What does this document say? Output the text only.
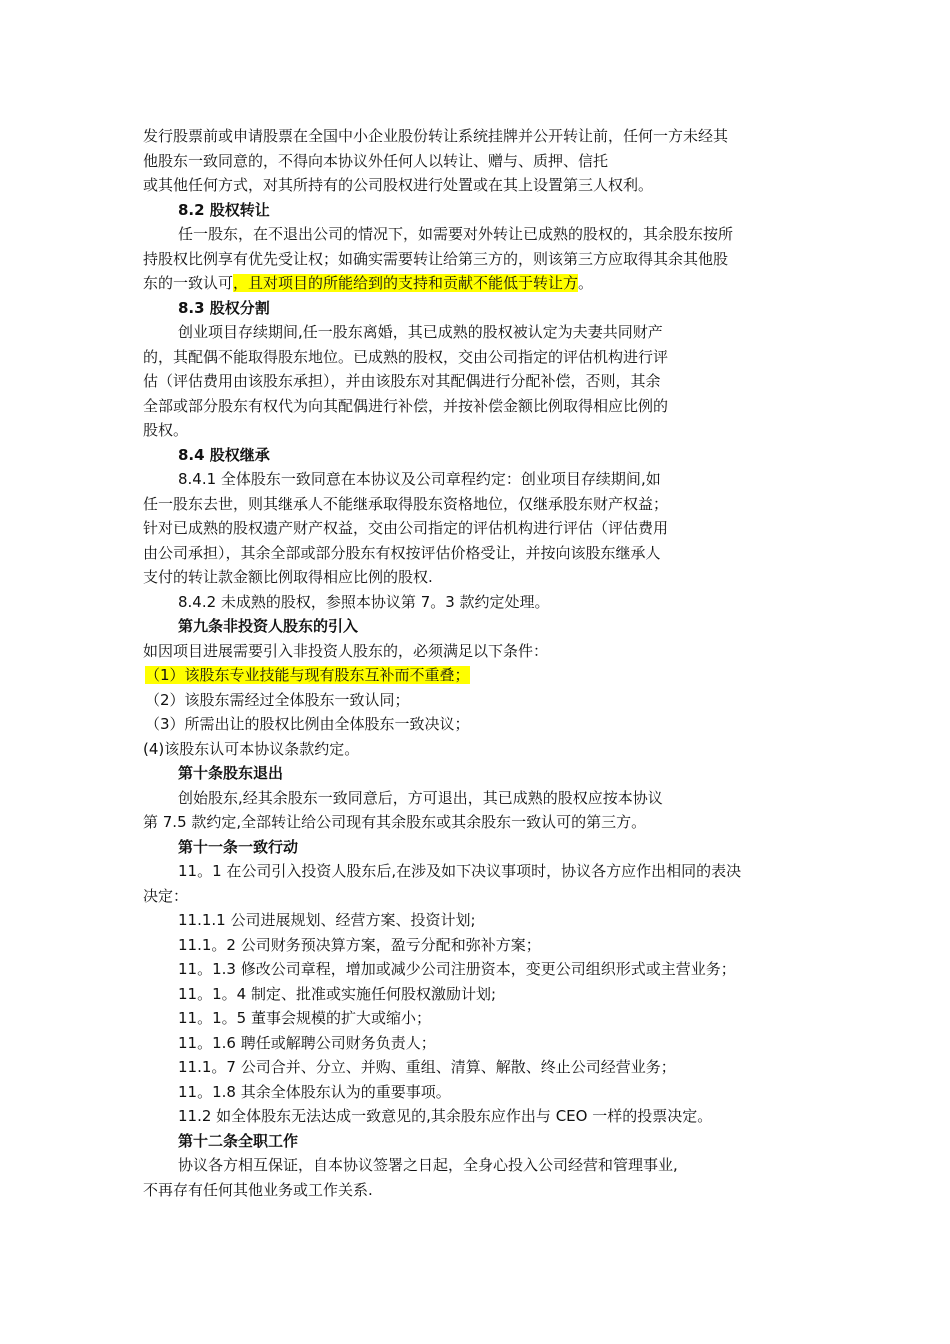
发行股票前或申请股票在全国中小企业股份转让系统挂牌并公开转让前，任何一方未经其
他股东一致同意的，不得向本协议外任何人以转让、赠与、质押、信托
或其他任何方式，对其所持有的公司股权进行处置或在其上设置第三人权利。
8.2 股权转让
任一股东，在不退出公司的情况下，如需要对外转让已成熟的股权的，其余股东按所
持股权比例享有优先受让权；如确实需要转让给第三方的，则该第三方应取得其余其他股
东的一致认可，且对项目的所能给到的支持和贡献不能低于转让方。
8.3 股权分割
创业项目存续期间,任一股东离婚，其已成熟的股权被认定为夫妻共同财产
的，其配偶不能取得股东地位。已成熟的股权，交由公司指定的评估机构进行评
估（评估费用由该股东承担），并由该股东对其配偶进行分配补偿，否则，其余
全部或部分股东有权代为向其配偶进行补偿，并按补偿金额比例取得相应比例的
股权。
8.4 股权继承
8.4.1 全体股东一致同意在本协议及公司章程约定：创业项目存续期间,如
任一股东去世，则其继承人不能继承取得股东资格地位，仅继承股东财产权益；
针对已成熟的股权遗产财产权益，交由公司指定的评估机构进行评估（评估费用
由公司承担），其余全部或部分股东有权按评估价格受让，并按向该股东继承人
支付的转让款金额比例取得相应比例的股权.
8.4.2 未成熟的股权，参照本协议第 7。3 款约定处理。
第九条非投资人股东的引入
如因项目进展需要引入非投资人股东的，必须满足以下条件：
（1）该股东专业技能与现有股东互补而不重叠；
（2）该股东需经过全体股东一致认同；
（3）所需出让的股权比例由全体股东一致决议；
(4)该股东认可本协议条款约定。
第十条股东退出
创始股东,经其余股东一致同意后，方可退出，其已成熟的股权应按本协议
第 7.5 款约定,全部转让给公司现有其余股东或其余股东一致认可的第三方。
第十一条一致行动
11。1 在公司引入投资人股东后,在涉及如下决议事项时，协议各方应作出相同的表决
决定：
11.1.1 公司进展规划、经营方案、投资计划;
11.1。2 公司财务预决算方案，盈亏分配和弥补方案；
11。1.3 修改公司章程，增加或减少公司注册资本，变更公司组织形式或主营业务；
11。1。4 制定、批准或实施任何股权激励计划;
11。1。5 董事会规模的扩大或缩小；
11。1.6 聘任或解聘公司财务负责人；
11.1。7 公司合并、分立、并购、重组、清算、解散、终止公司经营业务；
11。1.8 其余全体股东认为的重要事项。
11.2 如全体股东无法达成一致意见的,其余股东应作出与 CEO 一样的投票决定。
第十二条全职工作
协议各方相互保证，自本协议签署之日起，全身心投入公司经营和管理事业,
不再存有任何其他业务或工作关系.
